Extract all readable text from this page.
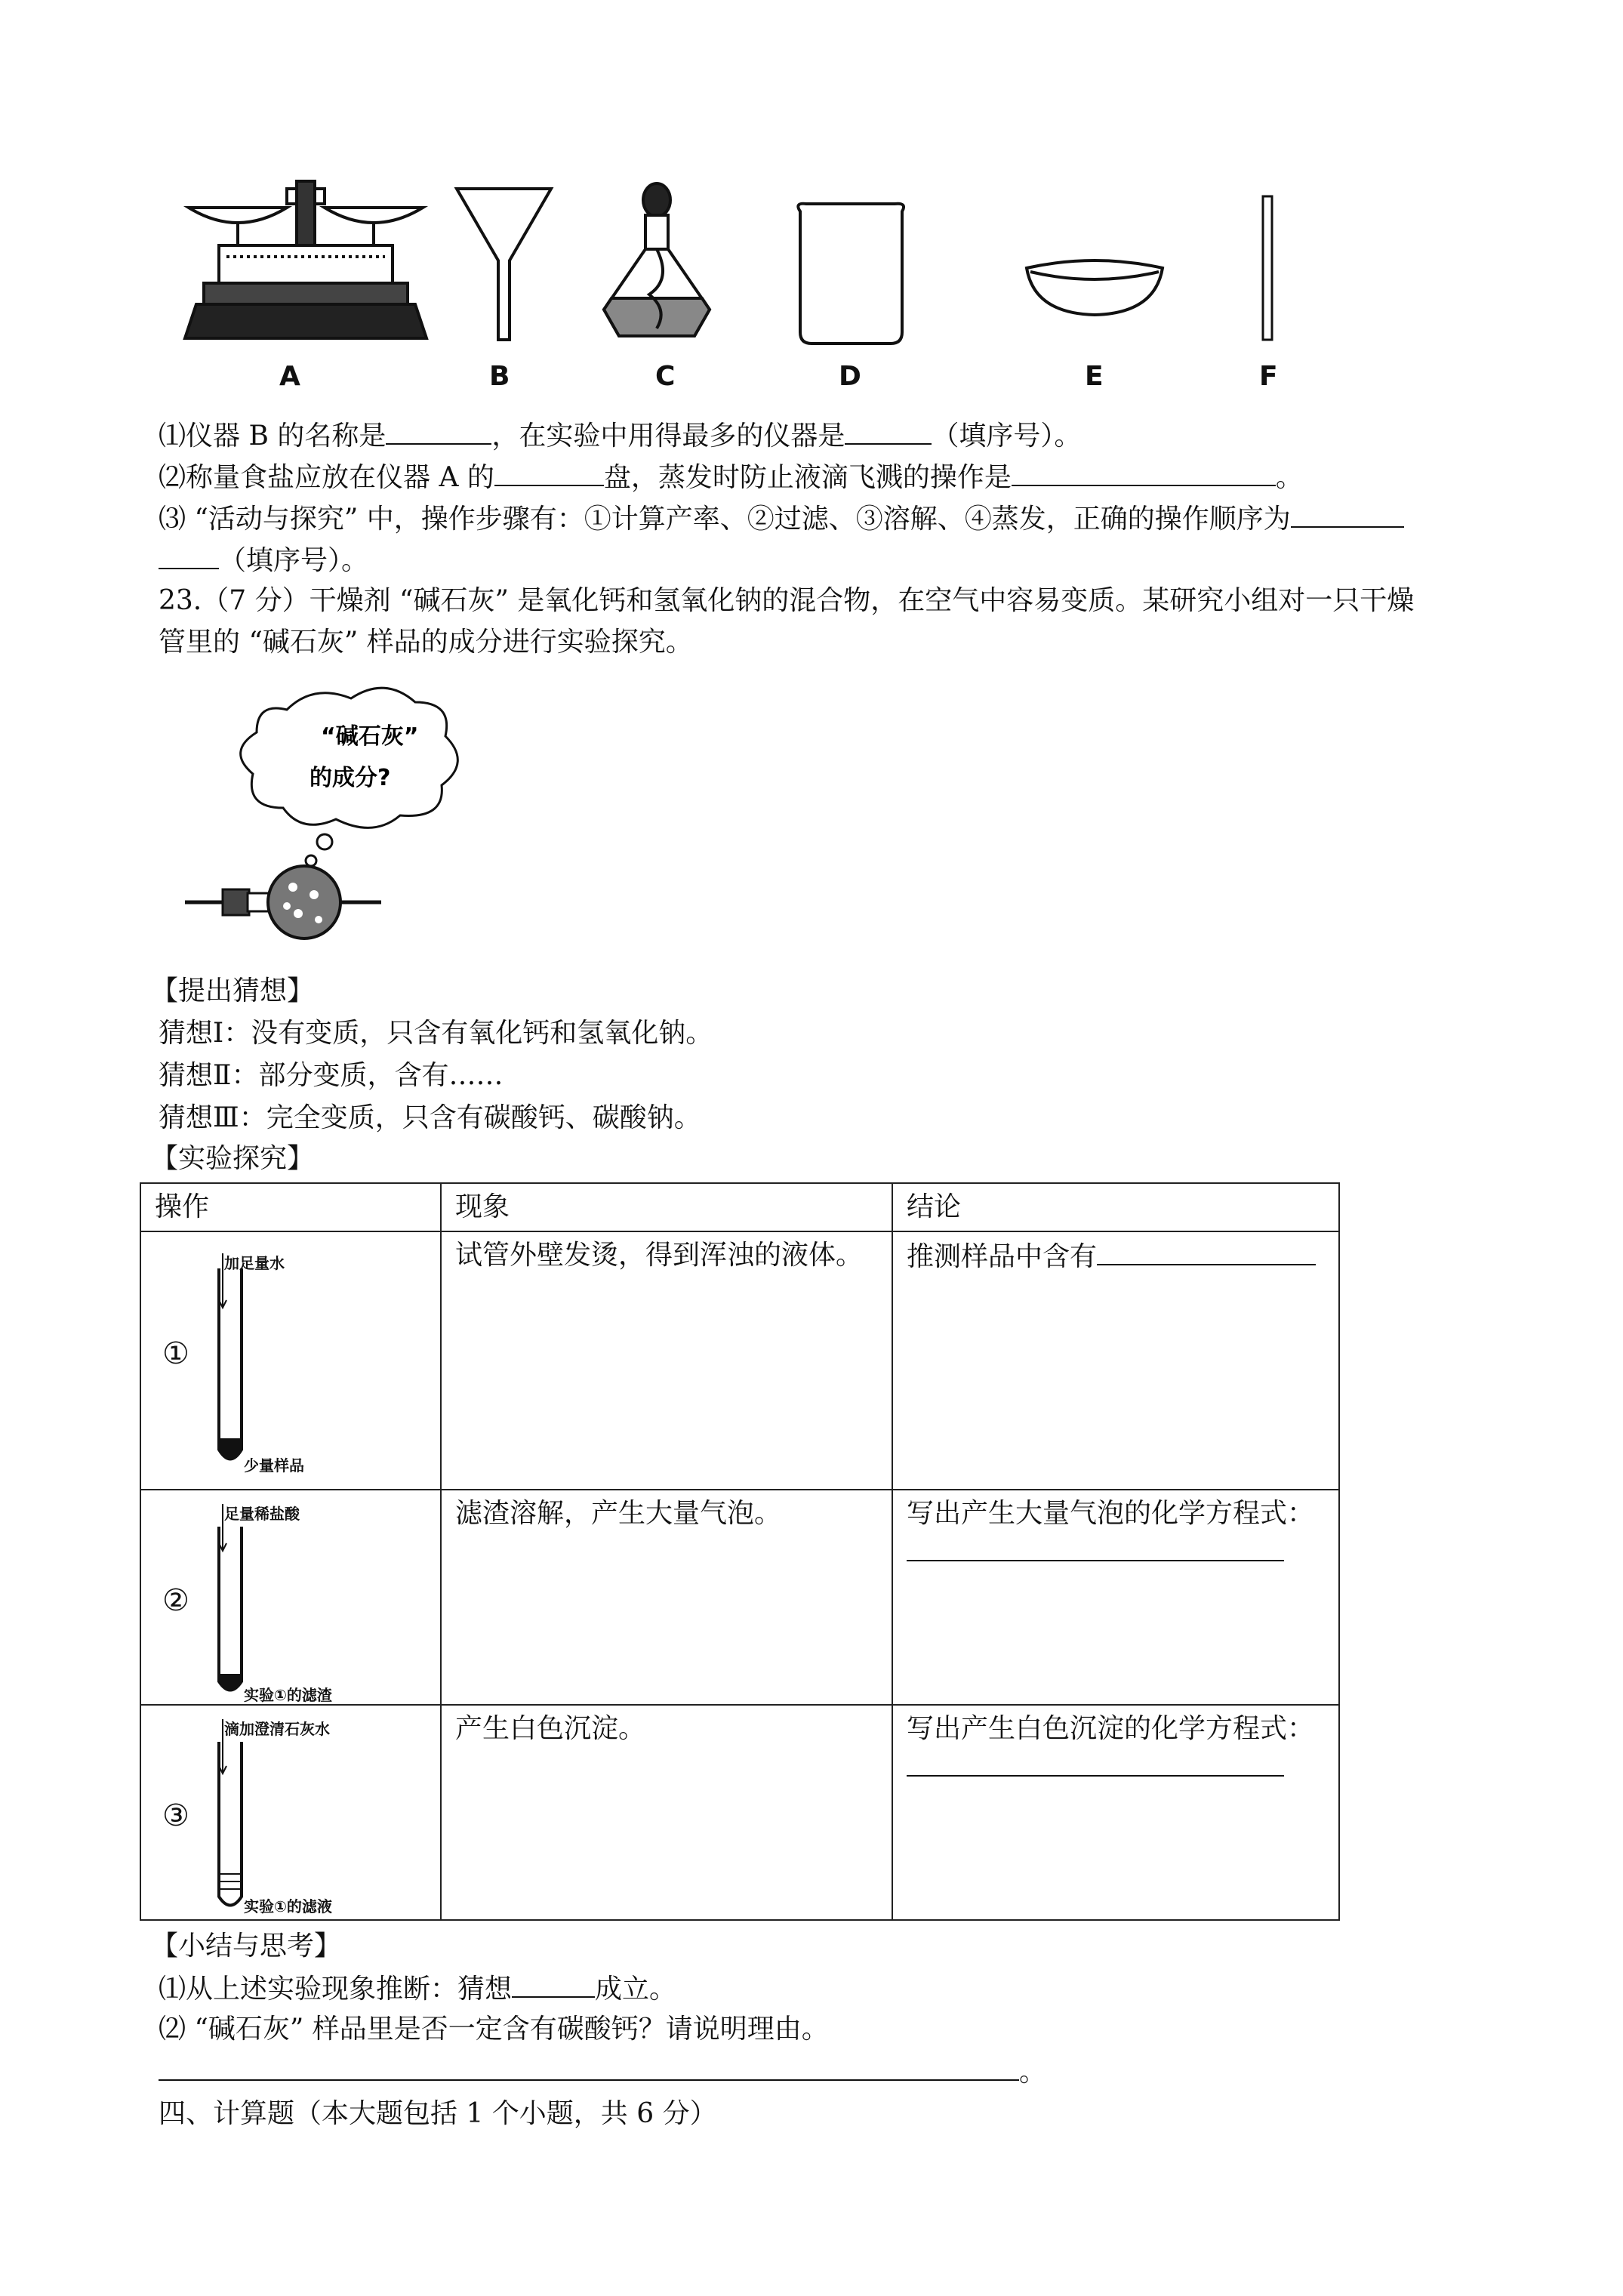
A	B	C	D	E	F
⑴仪器 B 的名称是	，在实验中用得最多的仪器是	（填序号）。
⑵称量食盐应放在仪器 A 的	盘，蒸发时防止液滴飞溅的操作是	。
⑶ “活动与探究” 中，操作步骤有：①计算产率、②过滤、③溶解、④蒸发，正确的操作顺序为
（填序号）。
23.（7 分）干燥剂 “碱石灰” 是氧化钙和氢氧化钠的混合物，在空气中容易变质。某研究小组对一只干燥
管里的 “碱石灰” 样品的成分进行实验探究。
“碱石灰”
的成分?
【提出猜想】
猜想Ⅰ：没有变质，只含有氧化钙和氢氧化钠。
猜想Ⅱ：部分变质，含有……
猜想Ⅲ：完全变质，只含有碳酸钙、碳酸钠。
【实验探究】
操作	现象	结论

①
加足量水
少量样品	试管外壁发烫，得到浑浊的液体。	推测样品中含有

②
足量稀盐酸
实验①的滤渣	滤渣溶解，产生大量气泡。	写出产生大量气泡的化学方程式：

③
滴加澄清石灰水
实验①的滤液	产生白色沉淀。	写出产生白色沉淀的化学方程式：
【小结与思考】
⑴从上述实验现象推断：猜想	成立。
⑵ “碱石灰” 样品里是否一定含有碳酸钙？请说明理由。
。
四、计算题（本大题包括 1 个小题，共 6 分）
